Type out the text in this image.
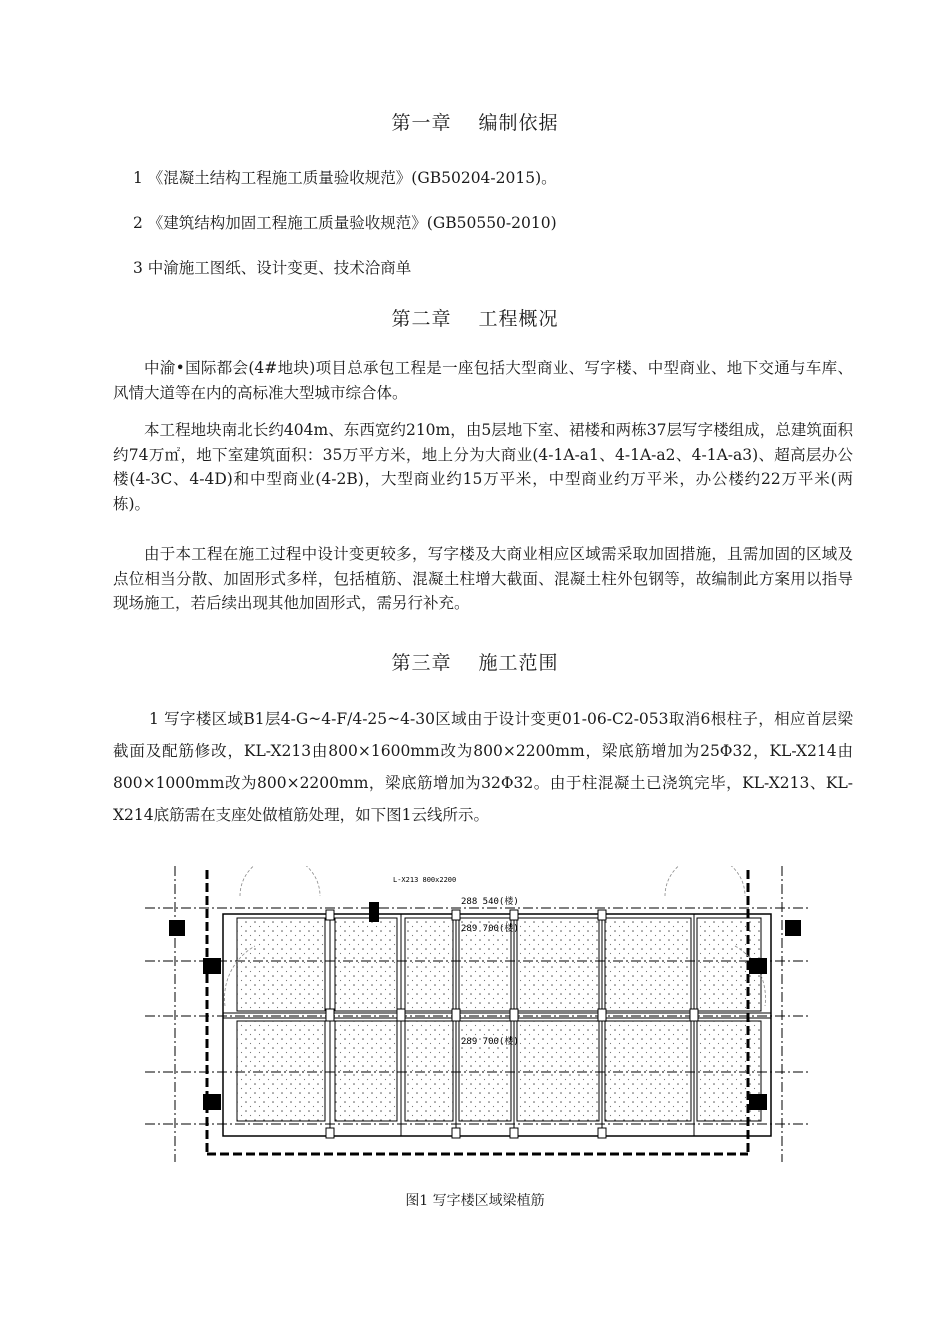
第一章　 编制依据

1 《混凝土结构工程施工质量验收规范》(GB50204-2015)。

2 《建筑结构加固工程施工质量验收规范》(GB50550-2010)

3 中渝施工图纸、设计变更、技术洽商单

第二章　 工程概况

中渝•国际都会(4#地块)项目总承包工程是一座包括大型商业、写字楼、中型商业、地下交通与车库、风情大道等在内的高标准大型城市综合体。

本工程地块南北长约404m、东西宽约210m，由5层地下室、裙楼和两栋37层写字楼组成，总建筑面积约74万㎡，地下室建筑面积：35万平方米，地上分为大商业(4-1A-a1、4-1A-a2、4-1A-a3)、超高层办公楼(4-3C、4-4D)和中型商业(4-2B)，大型商业约15万平米，中型商业约万平米，办公楼约22万平米(两栋)。

由于本工程在施工过程中设计变更较多，写字楼及大商业相应区域需采取加固措施，且需加固的区域及点位相当分散、加固形式多样，包括植筋、混凝土柱增大截面、混凝土柱外包钢等，故编制此方案用以指导现场施工，若后续出现其他加固形式，需另行补充。

第三章　 施工范围

1 写字楼区域B1层4-G~4-F/4-25~4-30区域由于设计变更01-06-C2-053取消6根柱子，相应首层梁截面及配筋修改，KL-X213由800×1600mm改为800×2200mm，梁底筋增加为25Φ32，KL-X214由800×1000mm改为800×2200mm，梁底筋增加为32Φ32。由于柱混凝土已浇筑完毕，KL-X213、KL-X214底筋需在支座处做植筋处理，如下图1云线所示。

L-X213 800x2200
288 540(楼)
289 700(楼)
289 700(楼)

图1 写字楼区域梁植筋
